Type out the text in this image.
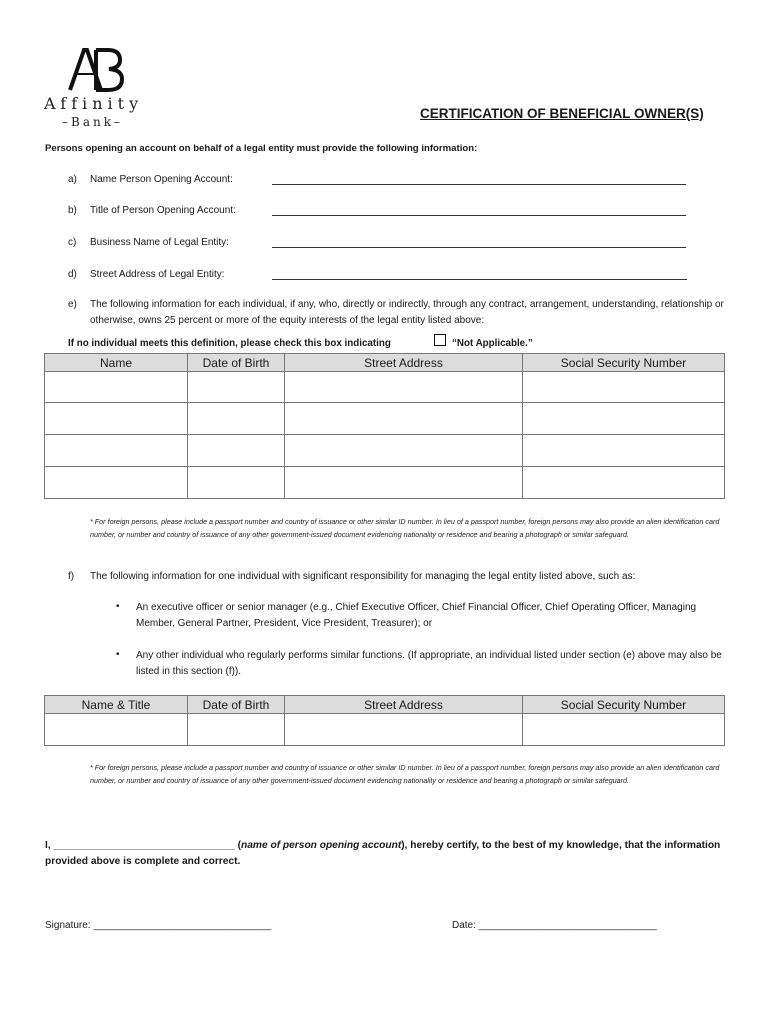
Affinity
–Bank–
CERTIFICATION OF BENEFICIAL OWNER(S)
Persons opening an account on behalf of a legal entity must provide the following information:
a) Name Person Opening Account:
b) Title of Person Opening Account:
c) Business Name of Legal Entity:
d) Street Address of Legal Entity:
e) The following information for each individual, if any, who, directly or indirectly, through any contract, arrangement, understanding, relationship or otherwise, owns 25 percent or more of the equity interests of the legal entity listed above:
If no individual meets this definition, please check this box indicating	“Not Applicable.”
Name	Date of Birth	Street Address	Social Security Number

* For foreign persons, please include a passport number and country of issuance or other similar ID number. In lieu of a passport number, foreign persons may also provide an alien identification card number, or number and country of issuance of any other government-issued document evidencing nationality or residence and bearing a photograph or similar safeguard.
f) The following information for one individual with significant responsibility for managing the legal entity listed above, such as:
• An executive officer or senior manager (e.g., Chief Executive Officer, Chief Financial Officer, Chief Operating Officer, Managing Member, General Partner, President, Vice President, Treasurer); or
• Any other individual who regularly performs similar functions. (If appropriate, an individual listed under section (e) above may also be listed in this section (f)).
Name & Title	Date of Birth	Street Address	Social Security Number

* For foreign persons, please include a passport number and country of issuance or other similar ID number. In lieu of a passport number, foreign persons may also provide an alien identification card number, or number and country of issuance of any other government-issued document evidencing nationality or residence and bearing a photograph or similar safeguard.
I, ________________________________ (name of person opening account), hereby certify, to the best of my knowledge, that the information provided above is complete and correct.
Signature: ________________________________	Date: ________________________________
